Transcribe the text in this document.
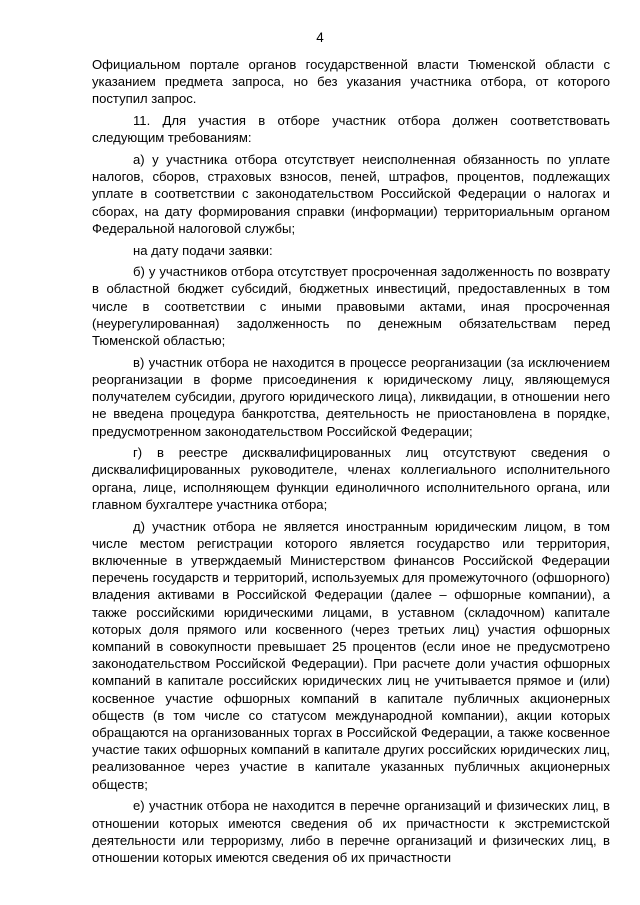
4

Официальном портале органов государственной власти Тюменской области с указанием предмета запроса, но без указания участника отбора, от которого поступил запрос.

11. Для участия в отборе участник отбора должен соответствовать следующим требованиям:

а) у участника отбора отсутствует неисполненная обязанность по уплате налогов, сборов, страховых взносов, пеней, штрафов, процентов, подлежащих уплате в соответствии с законодательством Российской Федерации о налогах и сборах, на дату формирования справки (информации) территориальным органом Федеральной налоговой службы;

на дату подачи заявки:

б) у участников отбора отсутствует просроченная задолженность по возврату в областной бюджет субсидий, бюджетных инвестиций, предоставленных в том числе в соответствии с иными правовыми актами, иная просроченная (неурегулированная) задолженность по денежным обязательствам перед Тюменской областью;

в) участник отбора не находится в процессе реорганизации (за исключением реорганизации в форме присоединения к юридическому лицу, являющемуся получателем субсидии, другого юридического лица), ликвидации, в отношении него не введена процедура банкротства, деятельность не приостановлена в порядке, предусмотренном законодательством Российской Федерации;

г) в реестре дисквалифицированных лиц отсутствуют сведения о дисквалифицированных руководителе, членах коллегиального исполнительного органа, лице, исполняющем функции единоличного исполнительного органа, или главном бухгалтере участника отбора;

д) участник отбора не является иностранным юридическим лицом, в том числе местом регистрации которого является государство или территория, включенные в утверждаемый Министерством финансов Российской Федерации перечень государств и территорий, используемых для промежуточного (офшорного) владения активами в Российской Федерации (далее – офшорные компании), а также российскими юридическими лицами, в уставном (складочном) капитале которых доля прямого или косвенного (через третьих лиц) участия офшорных компаний в совокупности превышает 25 процентов (если иное не предусмотрено законодательством Российской Федерации). При расчете доли участия офшорных компаний в капитале российских юридических лиц не учитывается прямое и (или) косвенное участие офшорных компаний в капитале публичных акционерных обществ (в том числе со статусом международной компании), акции которых обращаются на организованных торгах в Российской Федерации, а также косвенное участие таких офшорных компаний в капитале других российских юридических лиц, реализованное через участие в капитале указанных публичных акционерных обществ;

е) участник отбора не находится в перечне организаций и физических лиц, в отношении которых имеются сведения об их причастности к экстремистской деятельности или терроризму, либо в перечне организаций и физических лиц, в отношении которых имеются сведения об их причастности
